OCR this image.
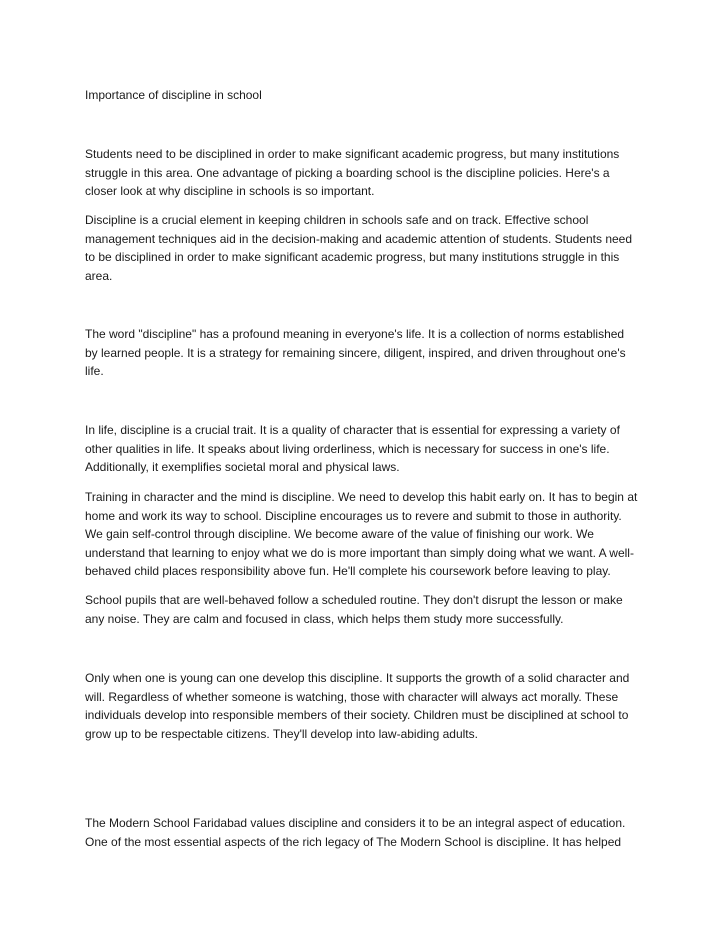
Importance of discipline in school

Students need to be disciplined in order to make significant academic progress, but many institutions struggle in this area. One advantage of picking a boarding school is the discipline policies. Here's a closer look at why discipline in schools is so important.

Discipline is a crucial element in keeping children in schools safe and on track. Effective school management techniques aid in the decision-making and academic attention of students. Students need to be disciplined in order to make significant academic progress, but many institutions struggle in this area.

The word "discipline" has a profound meaning in everyone's life. It is a collection of norms established by learned people. It is a strategy for remaining sincere, diligent, inspired, and driven throughout one's life.

In life, discipline is a crucial trait. It is a quality of character that is essential for expressing a variety of other qualities in life. It speaks about living orderliness, which is necessary for success in one's life. Additionally, it exemplifies societal moral and physical laws.

Training in character and the mind is discipline. We need to develop this habit early on. It has to begin at home and work its way to school. Discipline encourages us to revere and submit to those in authority. We gain self-control through discipline. We become aware of the value of finishing our work. We understand that learning to enjoy what we do is more important than simply doing what we want. A well-behaved child places responsibility above fun. He'll complete his coursework before leaving to play.

School pupils that are well-behaved follow a scheduled routine. They don't disrupt the lesson or make any noise. They are calm and focused in class, which helps them study more successfully.

Only when one is young can one develop this discipline. It supports the growth of a solid character and will. Regardless of whether someone is watching, those with character will always act morally. These individuals develop into responsible members of their society. Children must be disciplined at school to grow up to be respectable citizens. They'll develop into law-abiding adults.

The Modern School Faridabad values discipline and considers it to be an integral aspect of education. One of the most essential aspects of the rich legacy of The Modern School is discipline. It has helped
